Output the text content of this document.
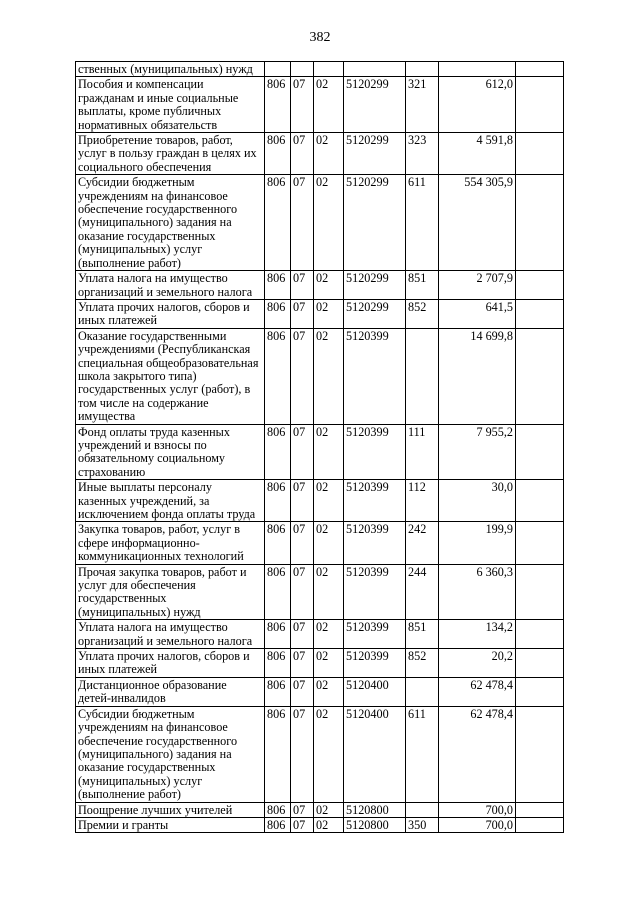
382
ственных (муниципальных) нужд							
Пособия и компенсации гражданам и иные социальные выплаты, кроме публичных нормативных обязательств	806	07	02	5120299	321	612,0	
Приобретение товаров, работ, услуг в пользу граждан в целях их социального обеспечения	806	07	02	5120299	323	4 591,8	
Субсидии бюджетным учреждениям на финансовое обеспечение государственного (муниципального) задания на оказание государственных (муниципальных) услуг (выполнение работ)	806	07	02	5120299	611	554 305,9	
Уплата налога на имущество организаций и земельного налога	806	07	02	5120299	851	2 707,9	
Уплата прочих налогов, сборов и иных платежей	806	07	02	5120299	852	641,5	
Оказание государственными учреждениями (Республиканская специальная общеобразовательная школа закрытого типа) государственных услуг (работ), в том числе на содержание имущества	806	07	02	5120399		14 699,8	
Фонд оплаты труда казенных учреждений и взносы по обязательному социальному страхованию	806	07	02	5120399	111	7 955,2	
Иные выплаты персоналу казенных учреждений, за исключением фонда оплаты труда	806	07	02	5120399	112	30,0	
Закупка товаров, работ, услуг в сфере информационно-коммуникационных технологий	806	07	02	5120399	242	199,9	
Прочая закупка товаров, работ и услуг для обеспечения государственных (муниципальных) нужд	806	07	02	5120399	244	6 360,3	
Уплата налога на имущество организаций и земельного налога	806	07	02	5120399	851	134,2	
Уплата прочих налогов, сборов и иных платежей	806	07	02	5120399	852	20,2	
Дистанционное образование детей-инвалидов	806	07	02	5120400		62 478,4	
Субсидии бюджетным учреждениям на финансовое обеспечение государственного (муниципального) задания на оказание государственных (муниципальных) услуг (выполнение работ)	806	07	02	5120400	611	62 478,4	
Поощрение лучших учителей	806	07	02	5120800		700,0	
Премии и гранты	806	07	02	5120800	350	700,0	
